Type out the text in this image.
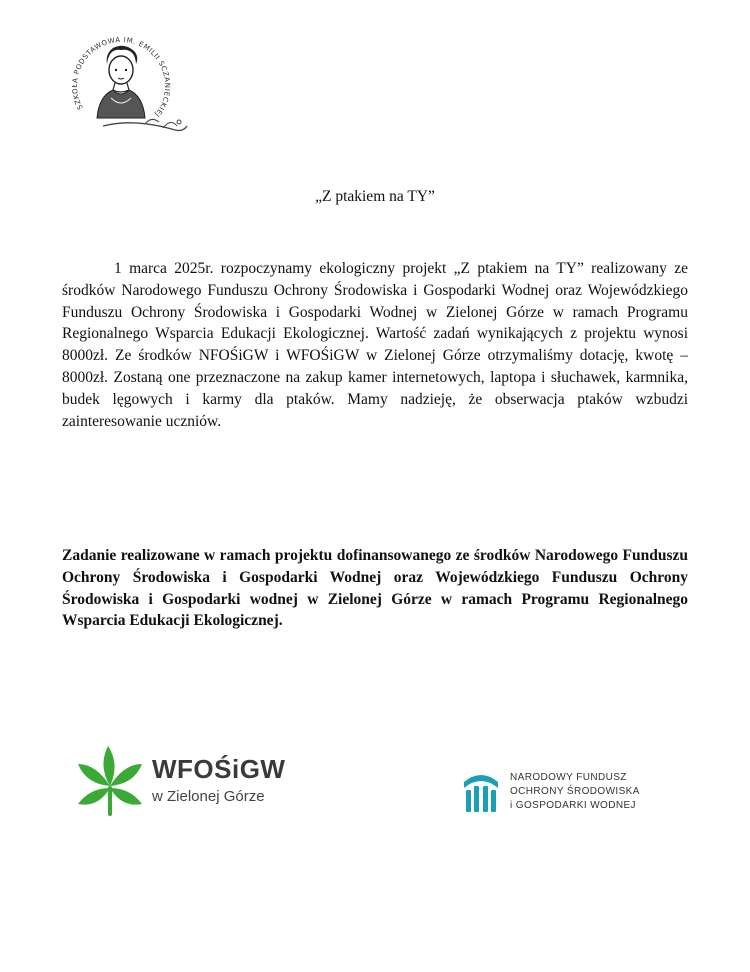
SZKOŁA PODSTAWOWA IM. EMILII SCZANIECKIEJ
„Z ptakiem na TY”

1 marca 2025r. rozpoczynamy ekologiczny projekt „Z ptakiem na TY” realizowany ze środków Narodowego Funduszu Ochrony Środowiska i Gospodarki Wodnej oraz Wojewódzkiego Funduszu Ochrony Środowiska i Gospodarki Wodnej w Zielonej Górze w ramach Programu Regionalnego Wsparcia Edukacji Ekologicznej. Wartość zadań wynikających z projektu wynosi 8000zł. Ze środków NFOŚiGW i WFOŚiGW w Zielonej Górze otrzymaliśmy dotację, kwotę – 8000zł. Zostaną one przeznaczone na zakup kamer internetowych, laptopa i słuchawek, karmnika, budek lęgowych i karmy dla ptaków. Mamy nadzieję, że obserwacja ptaków wzbudzi zainteresowanie uczniów.

Zadanie realizowane w ramach projektu dofinansowanego ze środków Narodowego Funduszu Ochrony Środowiska i Gospodarki Wodnej oraz Wojewódzkiego Funduszu Ochrony Środowiska i Gospodarki wodnej w Zielonej Górze w ramach Programu Regionalnego Wsparcia Edukacji Ekologicznej.

WFOŚiGW
w Zielonej Górze
NARODOWY FUNDUSZ
OCHRONY ŚRODOWISKA
i GOSPODARKI WODNEJ
